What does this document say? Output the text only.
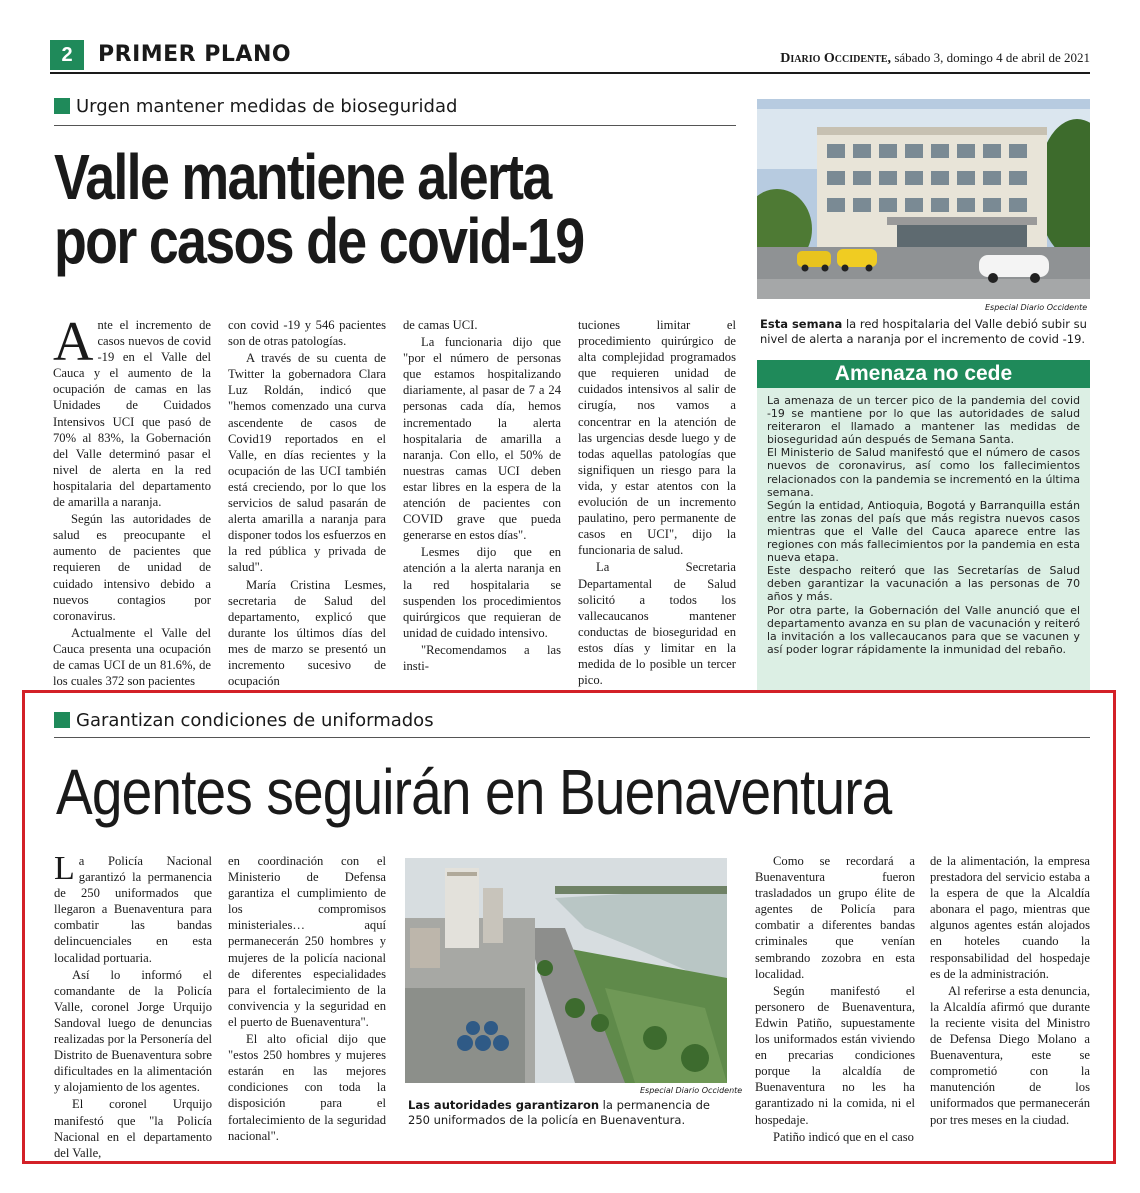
2	PRIMER PLANO	Diario Occidente, sábado 3, domingo 4 de abril de 2021
Urgen mantener medidas de bioseguridad
Valle mantiene alerta por casos de covid-19

Ante el incremento de casos nuevos de covid -19 en el Valle del Cauca y el aumento de la ocupación de camas en las Unidades de Cuidados Intensivos UCI que pasó de 70% al 83%, la Gobernación del Valle determinó pasar el nivel de alerta en la red hospitalaria del departamento de amarilla a naranja.

Según las autoridades de salud es preocupante el aumento de pacientes que requieren de unidad de cuidado intensivo debido a nuevos contagios por coronavirus.

Actualmente el Valle del Cauca presenta una ocupación de camas UCI de un 81.6%, de los cuales 372 son pacientes

con covid -19 y 546 pacientes son de otras patologías.

A través de su cuenta de Twitter la gobernadora Clara Luz Roldán, indicó que "hemos comenzado una curva ascendente de casos de Covid19 reportados en el Valle, en días recientes y la ocupación de las UCI también está creciendo, por lo que los servicios de salud pasarán de alerta amarilla a naranja para disponer todos los esfuerzos en la red pública y privada de salud".

María Cristina Lesmes, secretaria de Salud del departamento, explicó que durante los últimos días del mes de marzo se presentó un incremento sucesivo de ocupación

de camas UCI.

La funcionaria dijo que "por el número de personas que estamos hospitalizando diariamente, al pasar de 7 a 24 personas cada día, hemos incrementado la alerta hospitalaria de amarilla a naranja. Con ello, el 50% de nuestras camas UCI deben estar libres en la espera de la atención de pacientes con COVID grave que pueda generarse en estos días".

Lesmes dijo que en atención a la alerta naranja en la red hospitalaria se suspenden los procedimientos quirúrgicos que requieran de unidad de cuidado intensivo.

"Recomendamos a las insti-

tuciones limitar el procedimiento quirúrgico de alta complejidad programados que requieren unidad de cuidados intensivos al salir de cirugía, nos vamos a concentrar en la atención de las urgencias desde luego y de todas aquellas patologías que signifiquen un riesgo para la vida, y estar atentos con la evolución de un incremento paulatino, pero permanente de casos en UCI", dijo la funcionaria de salud.

La Secretaria Departamental de Salud solicitó a todos los vallecaucanos mantener conductas de bioseguridad en estos días y limitar en la medida de lo posible un tercer pico.

Especial Diario Occidente
Esta semana la red hospitalaria del Valle debió subir su nivel de alerta a naranja por el incremento de covid -19.
Amenaza no cede

La amenaza de un tercer pico de la pandemia del covid -19 se mantiene por lo que las autoridades de salud reiteraron el llamado a mantener las medidas de bioseguridad aún después de Semana Santa.

El Ministerio de Salud manifestó que el número de casos nuevos de coronavirus, así como los fallecimientos relacionados con la pandemia se incrementó en la última semana.

Según la entidad, Antioquia, Bogotá y Barranquilla están entre las zonas del país que más registra nuevos casos mientras que el Valle del Cauca aparece entre las regiones con más fallecimientos por la pandemia en esta nueva etapa.

Este despacho reiteró que las Secretarías de Salud deben garantizar la vacunación a las personas de 70 años y más.

Por otra parte, la Gobernación del Valle anunció que el departamento avanza en su plan de vacunación y reiteró la invitación a los vallecaucanos para que se vacunen y así poder lograr rápidamente la inmunidad del rebaño.

Garantizan condiciones de uniformados
Agentes seguirán en Buenaventura

La Policía Nacional garantizó la permanencia de 250 uniformados que llegaron a Buenaventura para combatir las bandas delincuenciales en esta localidad portuaria.

Así lo informó el comandante de la Policía Valle, coronel Jorge Urquijo Sandoval luego de denuncias realizadas por la Personería del Distrito de Buenaventura sobre dificultades en la alimentación y alojamiento de los agentes.

El coronel Urquijo manifestó que "la Policía Nacional en el departamento del Valle,

en coordinación con el Ministerio de Defensa garantiza el cumplimiento de los compromisos ministeriales… aquí permanecerán 250 hombres y mujeres de la policía nacional de diferentes especialidades para el fortalecimiento de la convivencia y la seguridad en el puerto de Buenaventura".

El alto oficial dijo que "estos 250 hombres y mujeres estarán en las mejores condiciones con toda la disposición para el fortalecimiento de la seguridad nacional".

Especial Diario Occidente
Las autoridades garantizaron la permanencia de 250 uniformados de la policía en Buenaventura.

Como se recordará a Buenaventura fueron trasladados un grupo élite de agentes de Policía para combatir a diferentes bandas criminales que venían sembrando zozobra en esta localidad.

Según manifestó el personero de Buenaventura, Edwin Patiño, supuestamente los uniformados están viviendo en precarias condiciones porque la alcaldía de Buenaventura no les ha garantizado ni la comida, ni el hospedaje.

Patiño indicó que en el caso

de la alimentación, la empresa prestadora del servicio estaba a la espera de que la Alcaldía abonara el pago, mientras que algunos agentes están alojados en hoteles cuando la responsabilidad del hospedaje es de la administración.

Al referirse a esta denuncia, la Alcaldía afirmó que durante la reciente visita del Ministro de Defensa Diego Molano a Buenaventura, este se comprometió con la manutención de los uniformados que permanecerán por tres meses en la ciudad.
